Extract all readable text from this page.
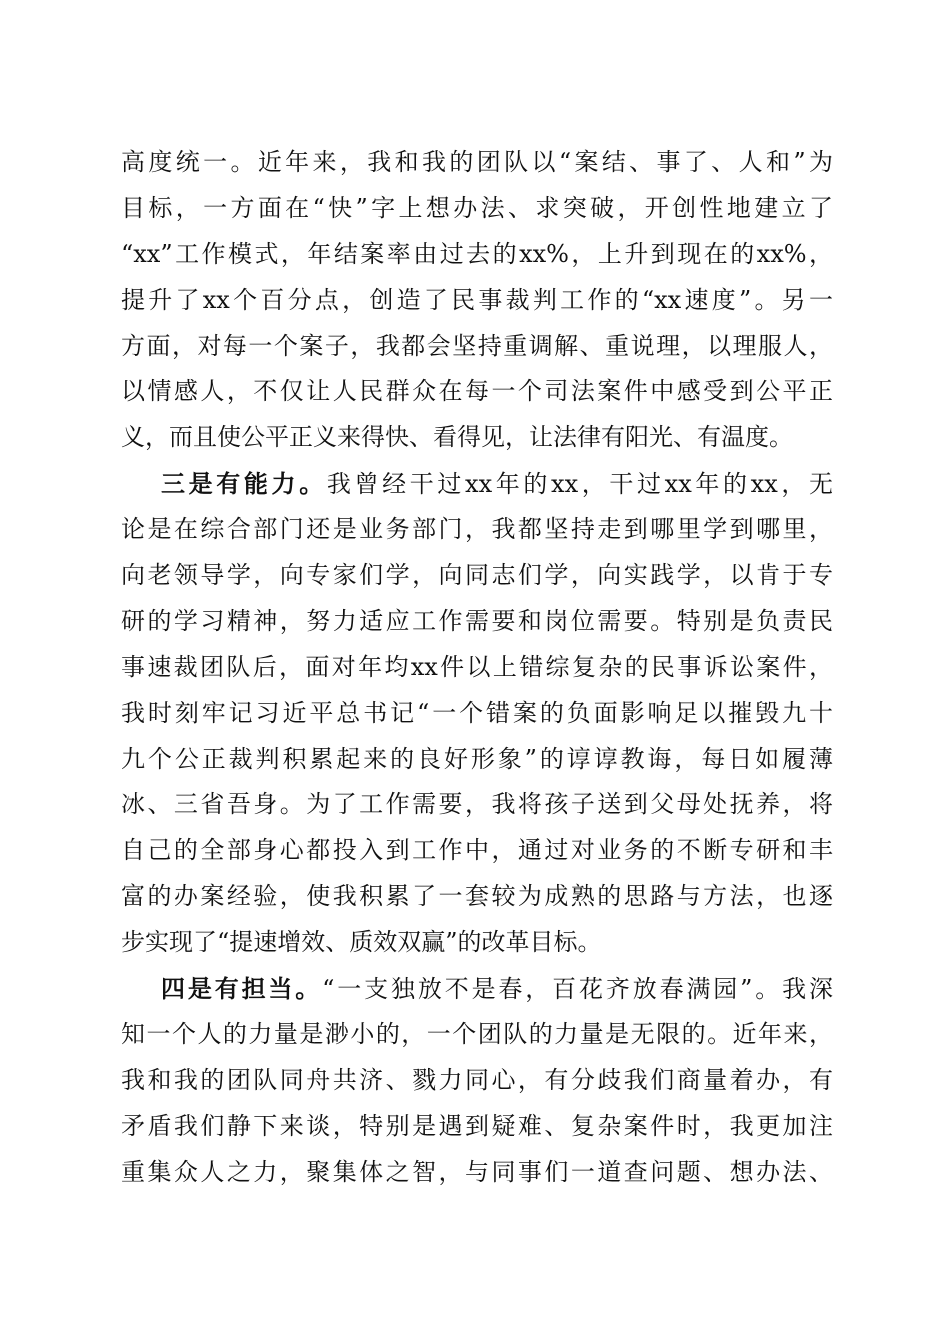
高度统一。近年来，我和我的团队以“案结、事了、人和”为
目标，一方面在“快”字上想办法、求突破，开创性地建立了
“xx”工作模式，年结案率由过去的xx%，上升到现在的xx%，
提升了xx个百分点，创造了民事裁判工作的“xx速度”。另一
方面，对每一个案子，我都会坚持重调解、重说理，以理服人，
以情感人，不仅让人民群众在每一个司法案件中感受到公平正
义，而且使公平正义来得快、看得见，让法律有阳光、有温度。
三是有能力。我曾经干过xx年的xx，干过xx年的xx，无
论是在综合部门还是业务部门，我都坚持走到哪里学到哪里，
向老领导学，向专家们学，向同志们学，向实践学，以肯于专
研的学习精神，努力适应工作需要和岗位需要。特别是负责民
事速裁团队后，面对年均xx件以上错综复杂的民事诉讼案件，
我时刻牢记习近平总书记“一个错案的负面影响足以摧毁九十
九个公正裁判积累起来的良好形象”的谆谆教诲，每日如履薄
冰、三省吾身。为了工作需要，我将孩子送到父母处抚养，将
自己的全部身心都投入到工作中，通过对业务的不断专研和丰
富的办案经验，使我积累了一套较为成熟的思路与方法，也逐
步实现了“提速增效、质效双赢”的改革目标。
四是有担当。“一支独放不是春，百花齐放春满园”。我深
知一个人的力量是渺小的，一个团队的力量是无限的。近年来，
我和我的团队同舟共济、戮力同心，有分歧我们商量着办，有
矛盾我们静下来谈，特别是遇到疑难、复杂案件时，我更加注
重集众人之力，聚集体之智，与同事们一道查问题、想办法、
